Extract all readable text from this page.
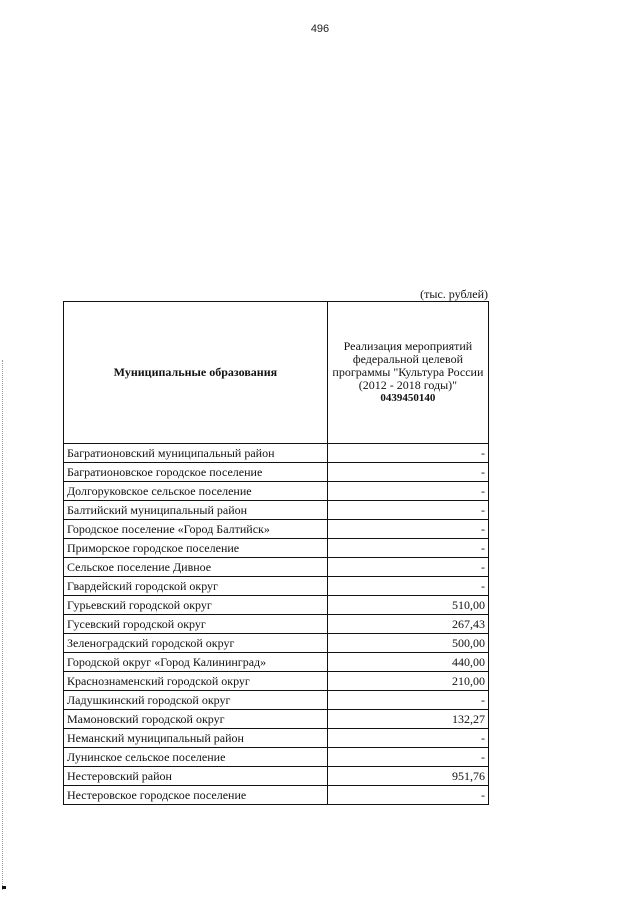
496
(тыс. рублей)
Муниципальные образования	Реализация мероприятий федеральной целевой программы "Культура России (2012 - 2018 годы)"
0439450140

Багратионовский муниципальный район	-
Багратионовское городское поселение	-
Долгоруковское сельское поселение	-
Балтийский муниципальный район	-
Городское поселение «Город Балтийск»	-
Приморское городское поселение	-
Сельское поселение Дивное	-
Гвардейский городской округ	-
Гурьевский городской округ	510,00
Гусевский городской округ	267,43
Зеленоградский городской округ	500,00
Городской округ «Город Калининград»	440,00
Краснознаменский городской округ	210,00
Ладушкинский городской округ	-
Мамоновский городской округ	132,27
Неманский муниципальный район	-
Лунинское сельское поселение	-
Нестеровский район	951,76
Нестеровское городское поселение	-
